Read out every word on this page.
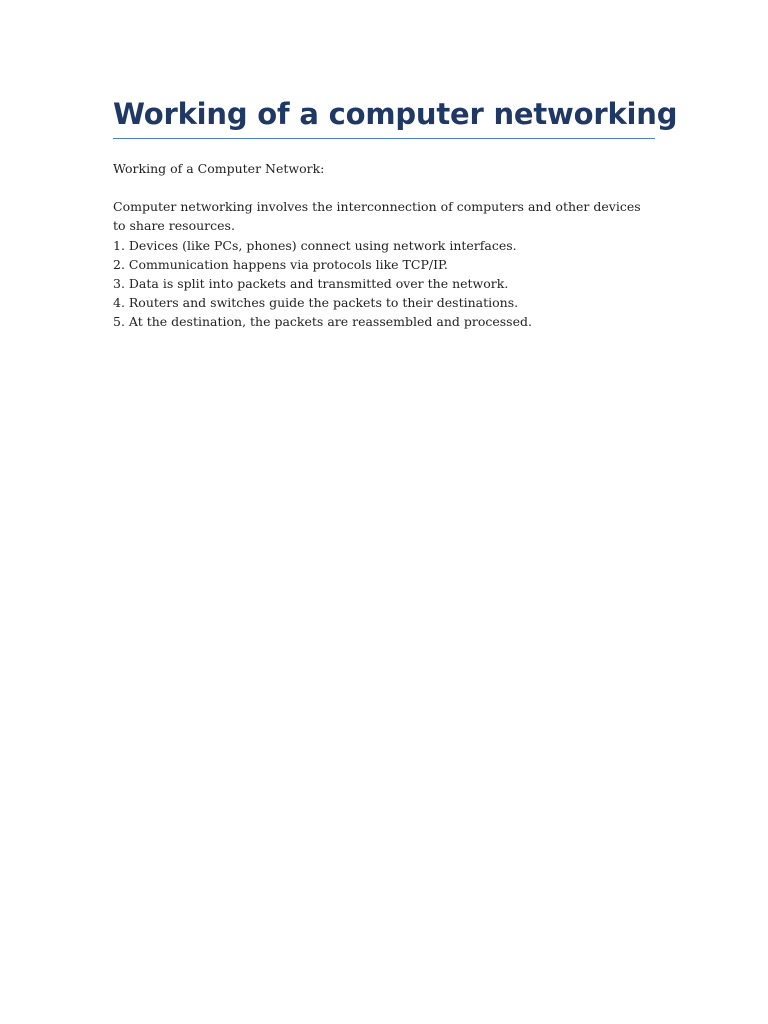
Working of a computer networking

Working of a Computer Network:

Computer networking involves the interconnection of computers and other devices to share resources.

1. Devices (like PCs, phones) connect using network interfaces.
2. Communication happens via protocols like TCP/IP.
3. Data is split into packets and transmitted over the network.
4. Routers and switches guide the packets to their destinations.
5. At the destination, the packets are reassembled and processed.
